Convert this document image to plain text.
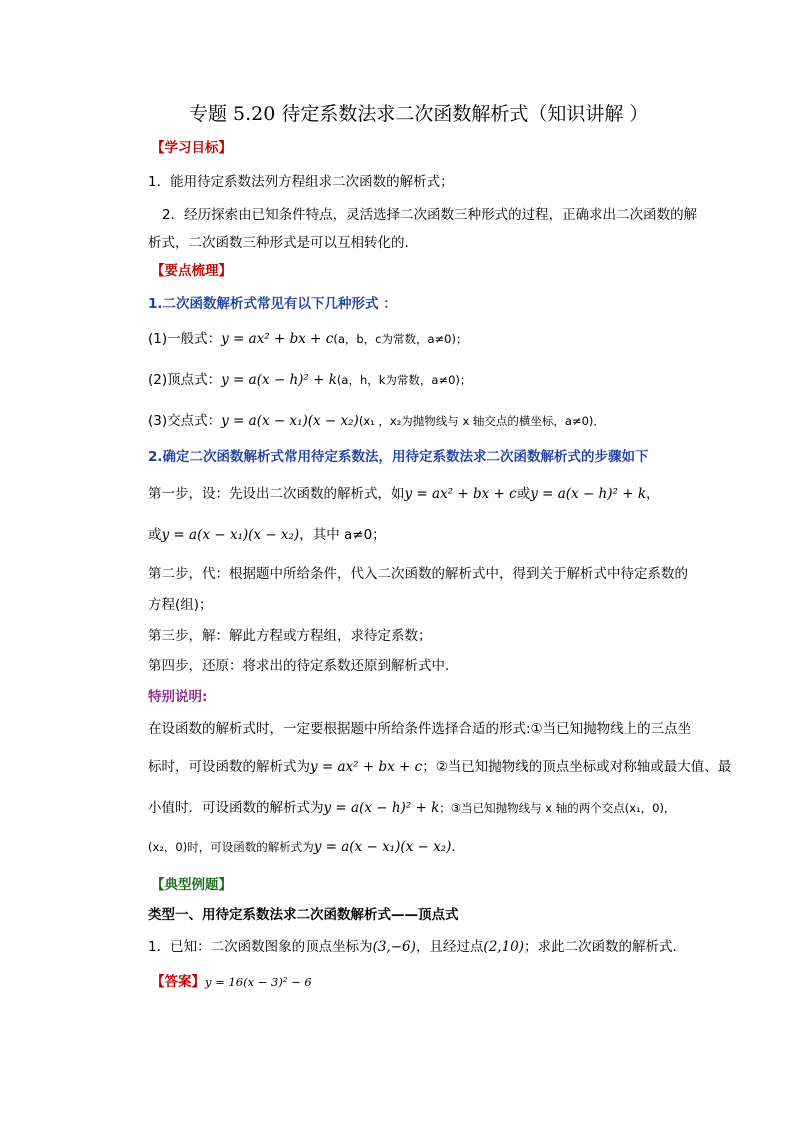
专题 5.20 待定系数法求二次函数解析式（知识讲解 ）
【学习目标】
1．能用待定系数法列方程组求二次函数的解析式；
2．经历探索由已知条件特点，灵活选择二次函数三种形式的过程，正确求出二次函数的解
析式，二次函数三种形式是可以互相转化的．
【要点梳理】
1.二次函数解析式常见有以下几种形式 ：
(1)一般式：y = ax² + bx + c(a，b，c为常数，a≠0)；
(2)顶点式：y = a(x − h)² + k(a，h，k为常数，a≠0)；
(3)交点式：y = a(x − x₁)(x − x₂)(x₁ ，x₂为抛物线与 x 轴交点的横坐标，a≠0)．
2.确定二次函数解析式常用待定系数法，用待定系数法求二次函数解析式的步骤如下
第一步，设：先设出二次函数的解析式，如y = ax² + bx + c或y = a(x − h)² + k，
或y = a(x − x₁)(x − x₂)，其中 a≠0；
第二步，代：根据题中所给条件，代入二次函数的解析式中，得到关于解析式中待定系数的
方程(组)；
第三步，解：解此方程或方程组，求待定系数；
第四步，还原：将求出的待定系数还原到解析式中．
特别说明:
在设函数的解析式时，一定要根据题中所给条件选择合适的形式:①当已知抛物线上的三点坐
标时，可设函数的解析式为y = ax² + bx + c；②当已知抛物线的顶点坐标或对称轴或最大值、最
小值时．可设函数的解析式为y = a(x − h)² + k；③当已知抛物线与 x 轴的两个交点(x₁，0)，
(x₂，0)时，可设函数的解析式为y = a(x − x₁)(x − x₂)．
【典型例题】
类型一、用待定系数法求二次函数解析式——顶点式
1．已知：二次函数图象的顶点坐标为(3,−6)，且经过点(2,10)；求此二次函数的解析式．
【答案】y = 16(x − 3)² − 6
